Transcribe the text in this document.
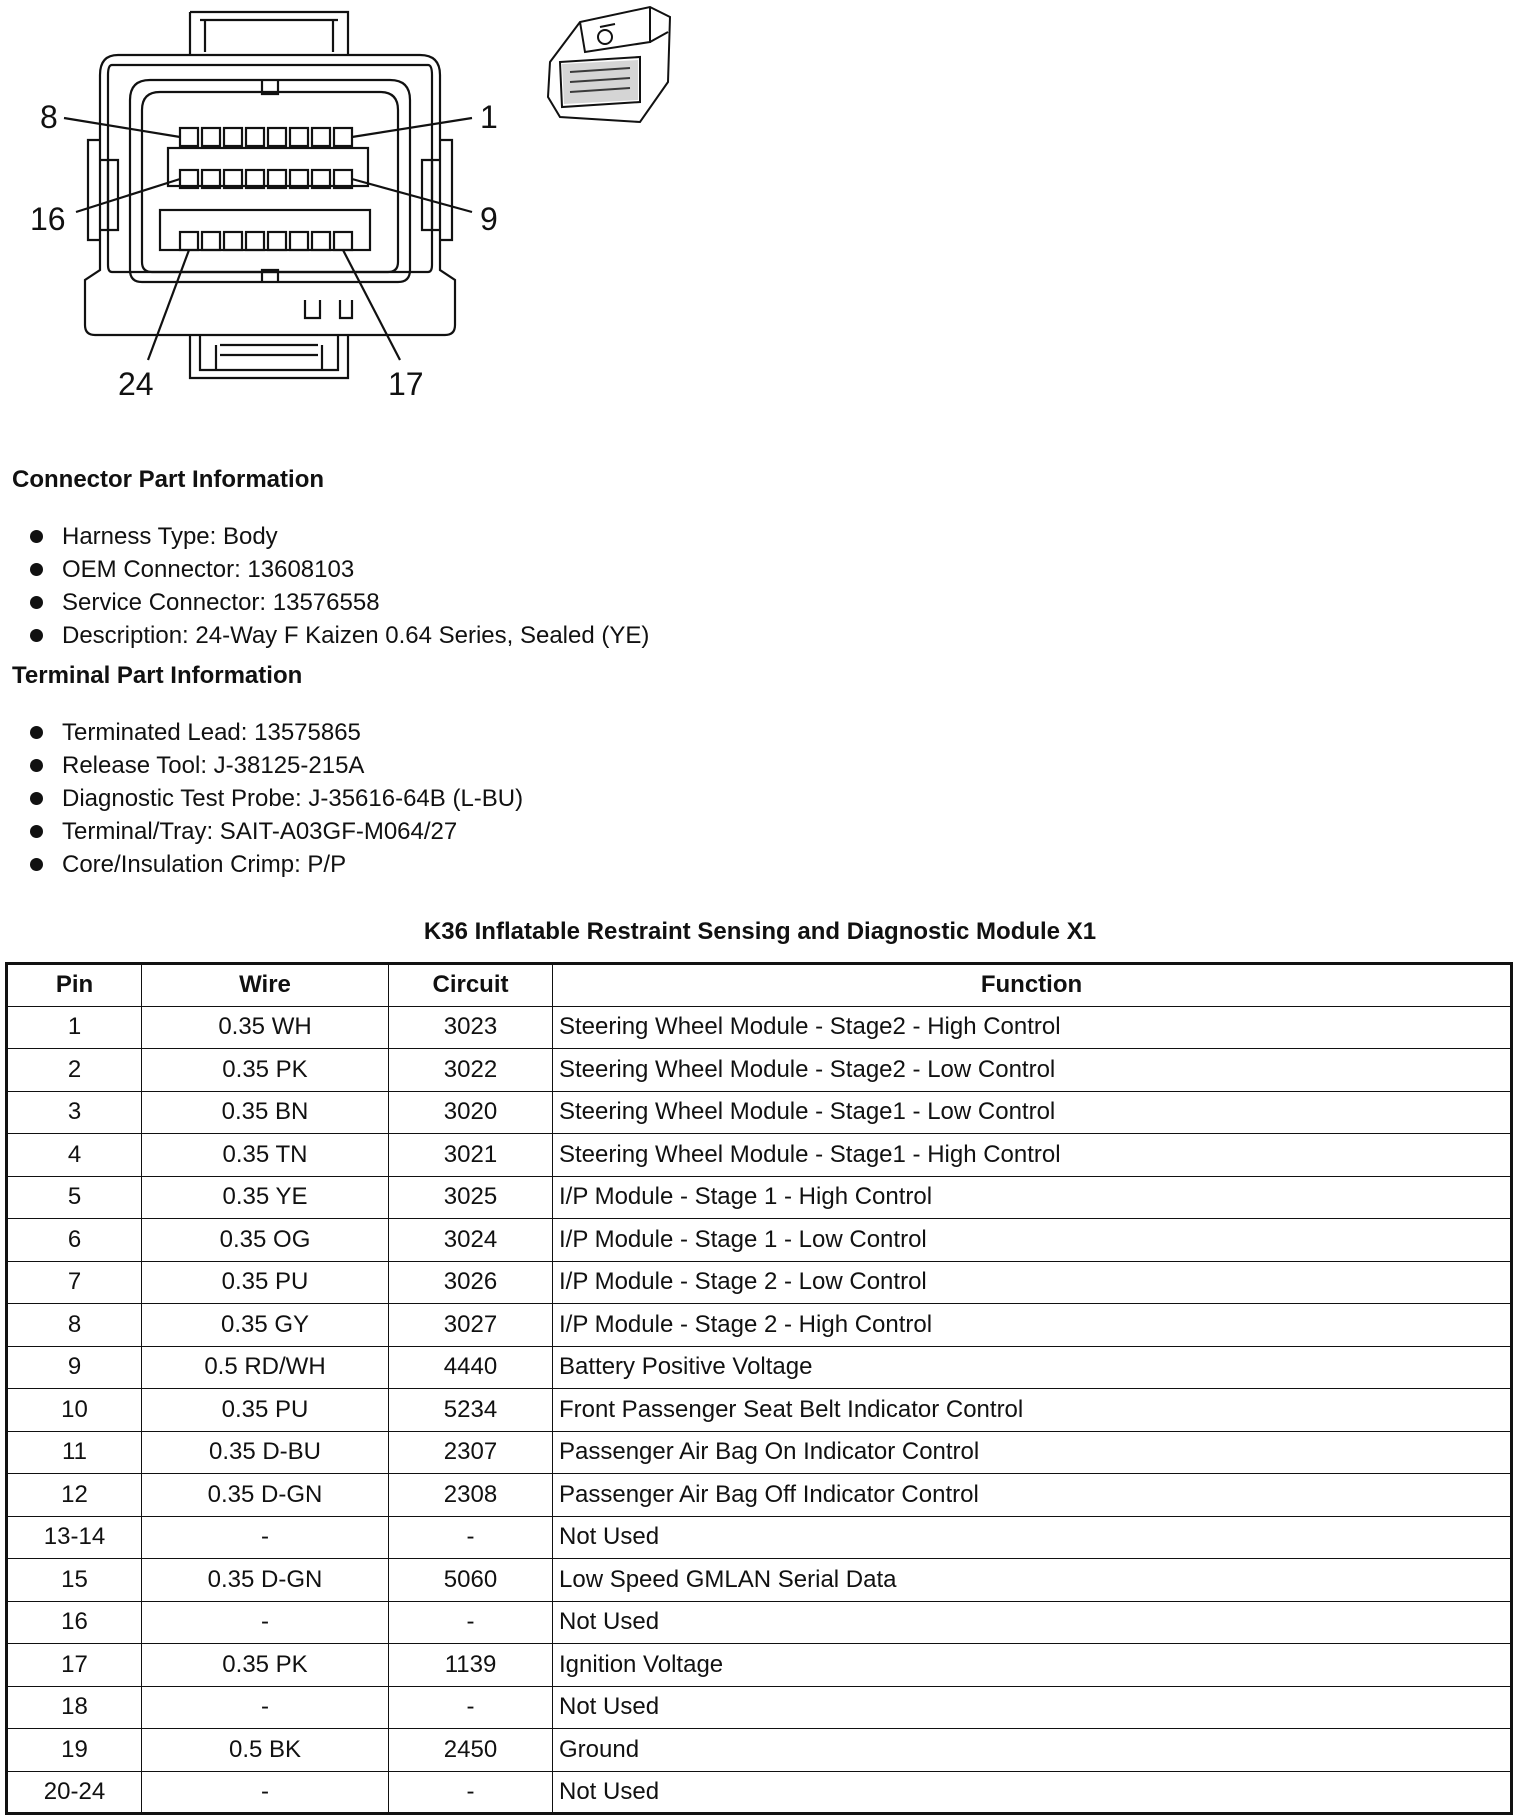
8	1
16	9
24	17
Connector Part Information
Harness Type: Body
OEM Connector: 13608103
Service Connector: 13576558
Description: 24-Way F Kaizen 0.64 Series, Sealed (YE)
Terminal Part Information
Terminated Lead: 13575865
Release Tool: J-38125-215A
Diagnostic Test Probe: J-35616-64B (L-BU)
Terminal/Tray: SAIT-A03GF-M064/27
Core/Insulation Crimp: P/P
K36 Inflatable Restraint Sensing and Diagnostic Module X1
Pin	Wire	Circuit	Function
1	0.35 WH	3023	Steering Wheel Module - Stage2 - High Control
2	0.35 PK	3022	Steering Wheel Module - Stage2 - Low Control
3	0.35 BN	3020	Steering Wheel Module - Stage1 - Low Control
4	0.35 TN	3021	Steering Wheel Module - Stage1 - High Control
5	0.35 YE	3025	I/P Module - Stage 1 - High Control
6	0.35 OG	3024	I/P Module - Stage 1 - Low Control
7	0.35 PU	3026	I/P Module - Stage 2 - Low Control
8	0.35 GY	3027	I/P Module - Stage 2 - High Control
9	0.5 RD/WH	4440	Battery Positive Voltage
10	0.35 PU	5234	Front Passenger Seat Belt Indicator Control
11	0.35 D-BU	2307	Passenger Air Bag On Indicator Control
12	0.35 D-GN	2308	Passenger Air Bag Off Indicator Control
13-14	-	-	Not Used
15	0.35 D-GN	5060	Low Speed GMLAN Serial Data
16	-	-	Not Used
17	0.35 PK	1139	Ignition Voltage
18	-	-	Not Used
19	0.5 BK	2450	Ground
20-24	-	-	Not Used
